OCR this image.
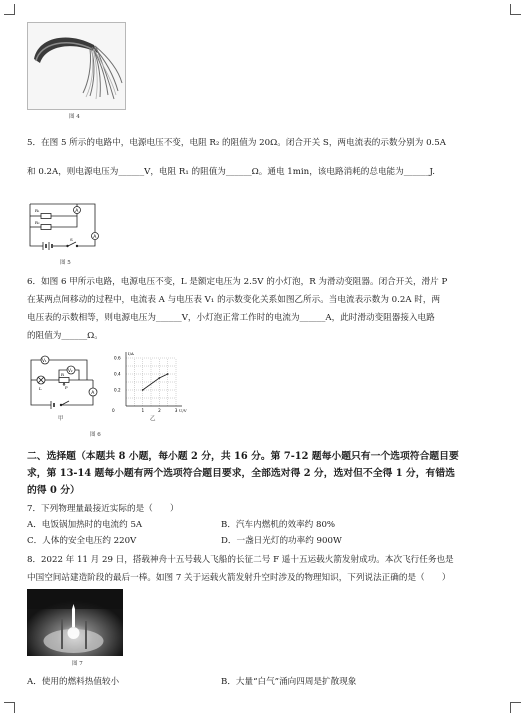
图 4
5．在图 5 所示的电路中，电源电压不变，电阻 R₂ 的阻值为 20Ω。闭合开关 S，两电流表的示数分别为 0.5A
和 0.2A，则电源电压为______V，电阻 R₁ 的阻值为______Ω。通电 1min，该电路消耗的总电能为______J.
A
A
R₁
R₂
S
图 5
6．如图 6 甲所示电路，电源电压不变，L 是额定电压为 2.5V 的小灯泡，R 为滑动变阻器。闭合开关，滑片 P
在某两点间移动的过程中，电流表 A 与电压表 V₁ 的示数变化关系如图乙所示。当电流表示数为 0.2A 时，两
电压表的示数相等，则电源电压为______V，小灯泡正常工作时的电流为______A，此时滑动变阻器接入电路
的阻值为______Ω。
V₁
V₂
A
L
R
P
甲
1	2	3
0.2
0.4
0.6
0	U/V
I/A
乙
图 6
二、选择题（本题共 8 小题，每小题 2 分，共 16 分。第 7-12 题每小题只有一个选项符合题目要
求，第 13-14 题每小题有两个选项符合题目要求，全部选对得 2 分，选对但不全得 1 分，有错选
的得 0 分）
7．下列物理量最接近实际的是（　　）
A．电饭锅加热时的电流约 5A	B．汽车内燃机的效率约 80%
C．人体的安全电压约 220V	D．一盏日光灯的功率约 900W
8．2022 年 11 月 29 日，搭载神舟十五号载人飞船的长征二号 F 遥十五运载火箭发射成功。本次飞行任务也是
中国空间站建造阶段的最后一棒。如图 7 关于运载火箭发射升空时涉及的物理知识，下列说法正确的是（　　）
图 7
A．使用的燃料热值较小	B．大量“白气”涌向四周是扩散现象
